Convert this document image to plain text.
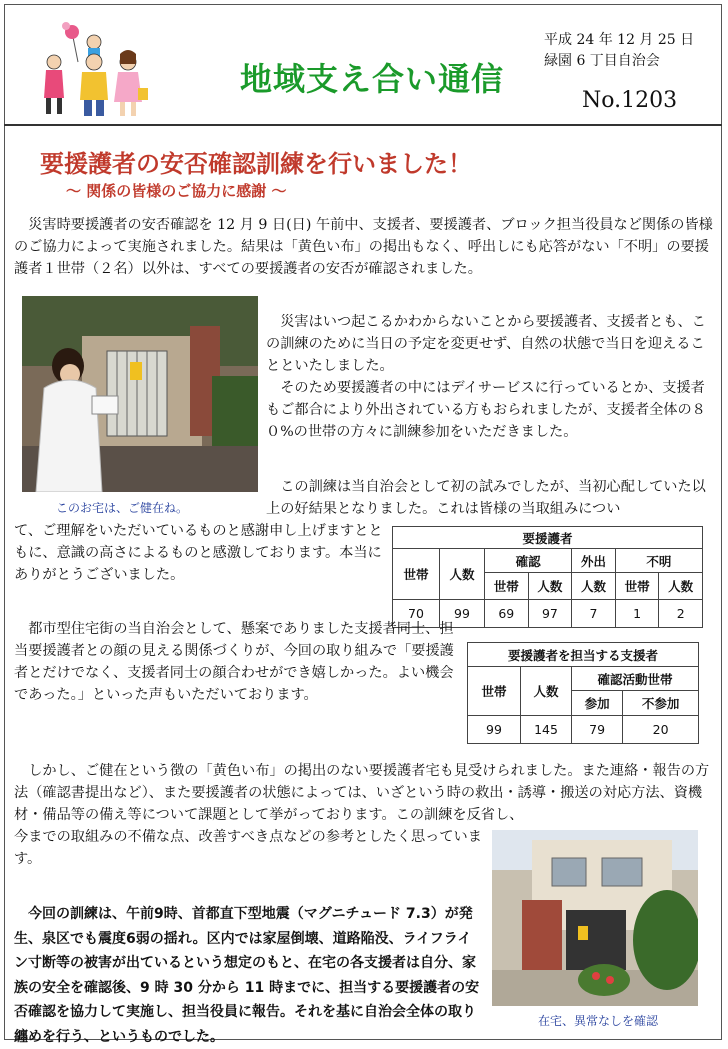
地域支え合い通信
平成 24 年 12 月 25 日
緑園 6 丁目自治会
No.1203
要援護者の安否確認訓練を行いました！
～ 関係の皆様のご協力に感謝 ～

　災害時要援護者の安否確認を 12 月 9 日(日) 午前中、支援者、要援護者、ブロック担当役員など関係の皆様のご協力によって実施されました。結果は「黄色い布」の掲出もなく、呼出しにも応答がない「不明」の要援護者１世帯（２名）以外は、すべての要援護者の安否が確認されました。

このお宅は、ご健在ね。

　災害はいつ起こるかわからないことから要援護者、支援者とも、この訓練のために当日の予定を変更せず、自然の状態で当日を迎えることといたしました。

　そのため要援護者の中にはデイサービスに行っているとか、支援者もご都合により外出されている方もおられましたが、支援者全体の８０%の世帯の方々に訓練参加をいただきました。

　この訓練は当自治会として初の試みでしたが、当初心配していた以上の好結果となりました。これは皆様の当取組みについ

て、ご理解をいただいているものと感謝申し上げますとともに、意識の高さによるものと感激しております。本当にありがとうございました。

要援護者						
世帯	人数	確認		外出	不明	
		世帯	人数	人数	世帯	人数
70	99	69	97	7	1	2

　都市型住宅街の当自治会として、懸案でありました支援者同士、担当要援護者との顔の見える関係づくりが、今回の取り組みで「要援護者とだけでなく、支援者同士の顔合わせができ嬉しかった。よい機会であった。」といった声もいただいております。

要援護者を担当する支援者			
世帯	人数	確認活動世帯	
		参加	不参加
99	145	79	20

　しかし、ご健在という徴の「黄色い布」の掲出のない要援護者宅も見受けられました。また連絡・報告の方法（確認書提出など）、また要援護者の状態によっては、いざという時の救出・誘導・搬送の対応方法、資機材・備品等の備え等について課題として挙がっております。この訓練を反省し、

今までの取組みの不備な点、改善すべき点などの参考としたく思っています。

在宅、異常なしを確認
　今回の訓練は、午前9時、首都直下型地震（マグニチュード 7.3）が発生、泉区でも震度6弱の揺れ。区内では家屋倒壊、道路陥没、ライフライン寸断等の被害が出ているという想定のもと、在宅の各支援者は自分、家族の安全を確認後、9 時 30 分から 11 時までに、担当する要援護者の安否確認を協力して実施し、担当役員に報告。それを基に自治会全体の取り纏めを行う、というものでした。
